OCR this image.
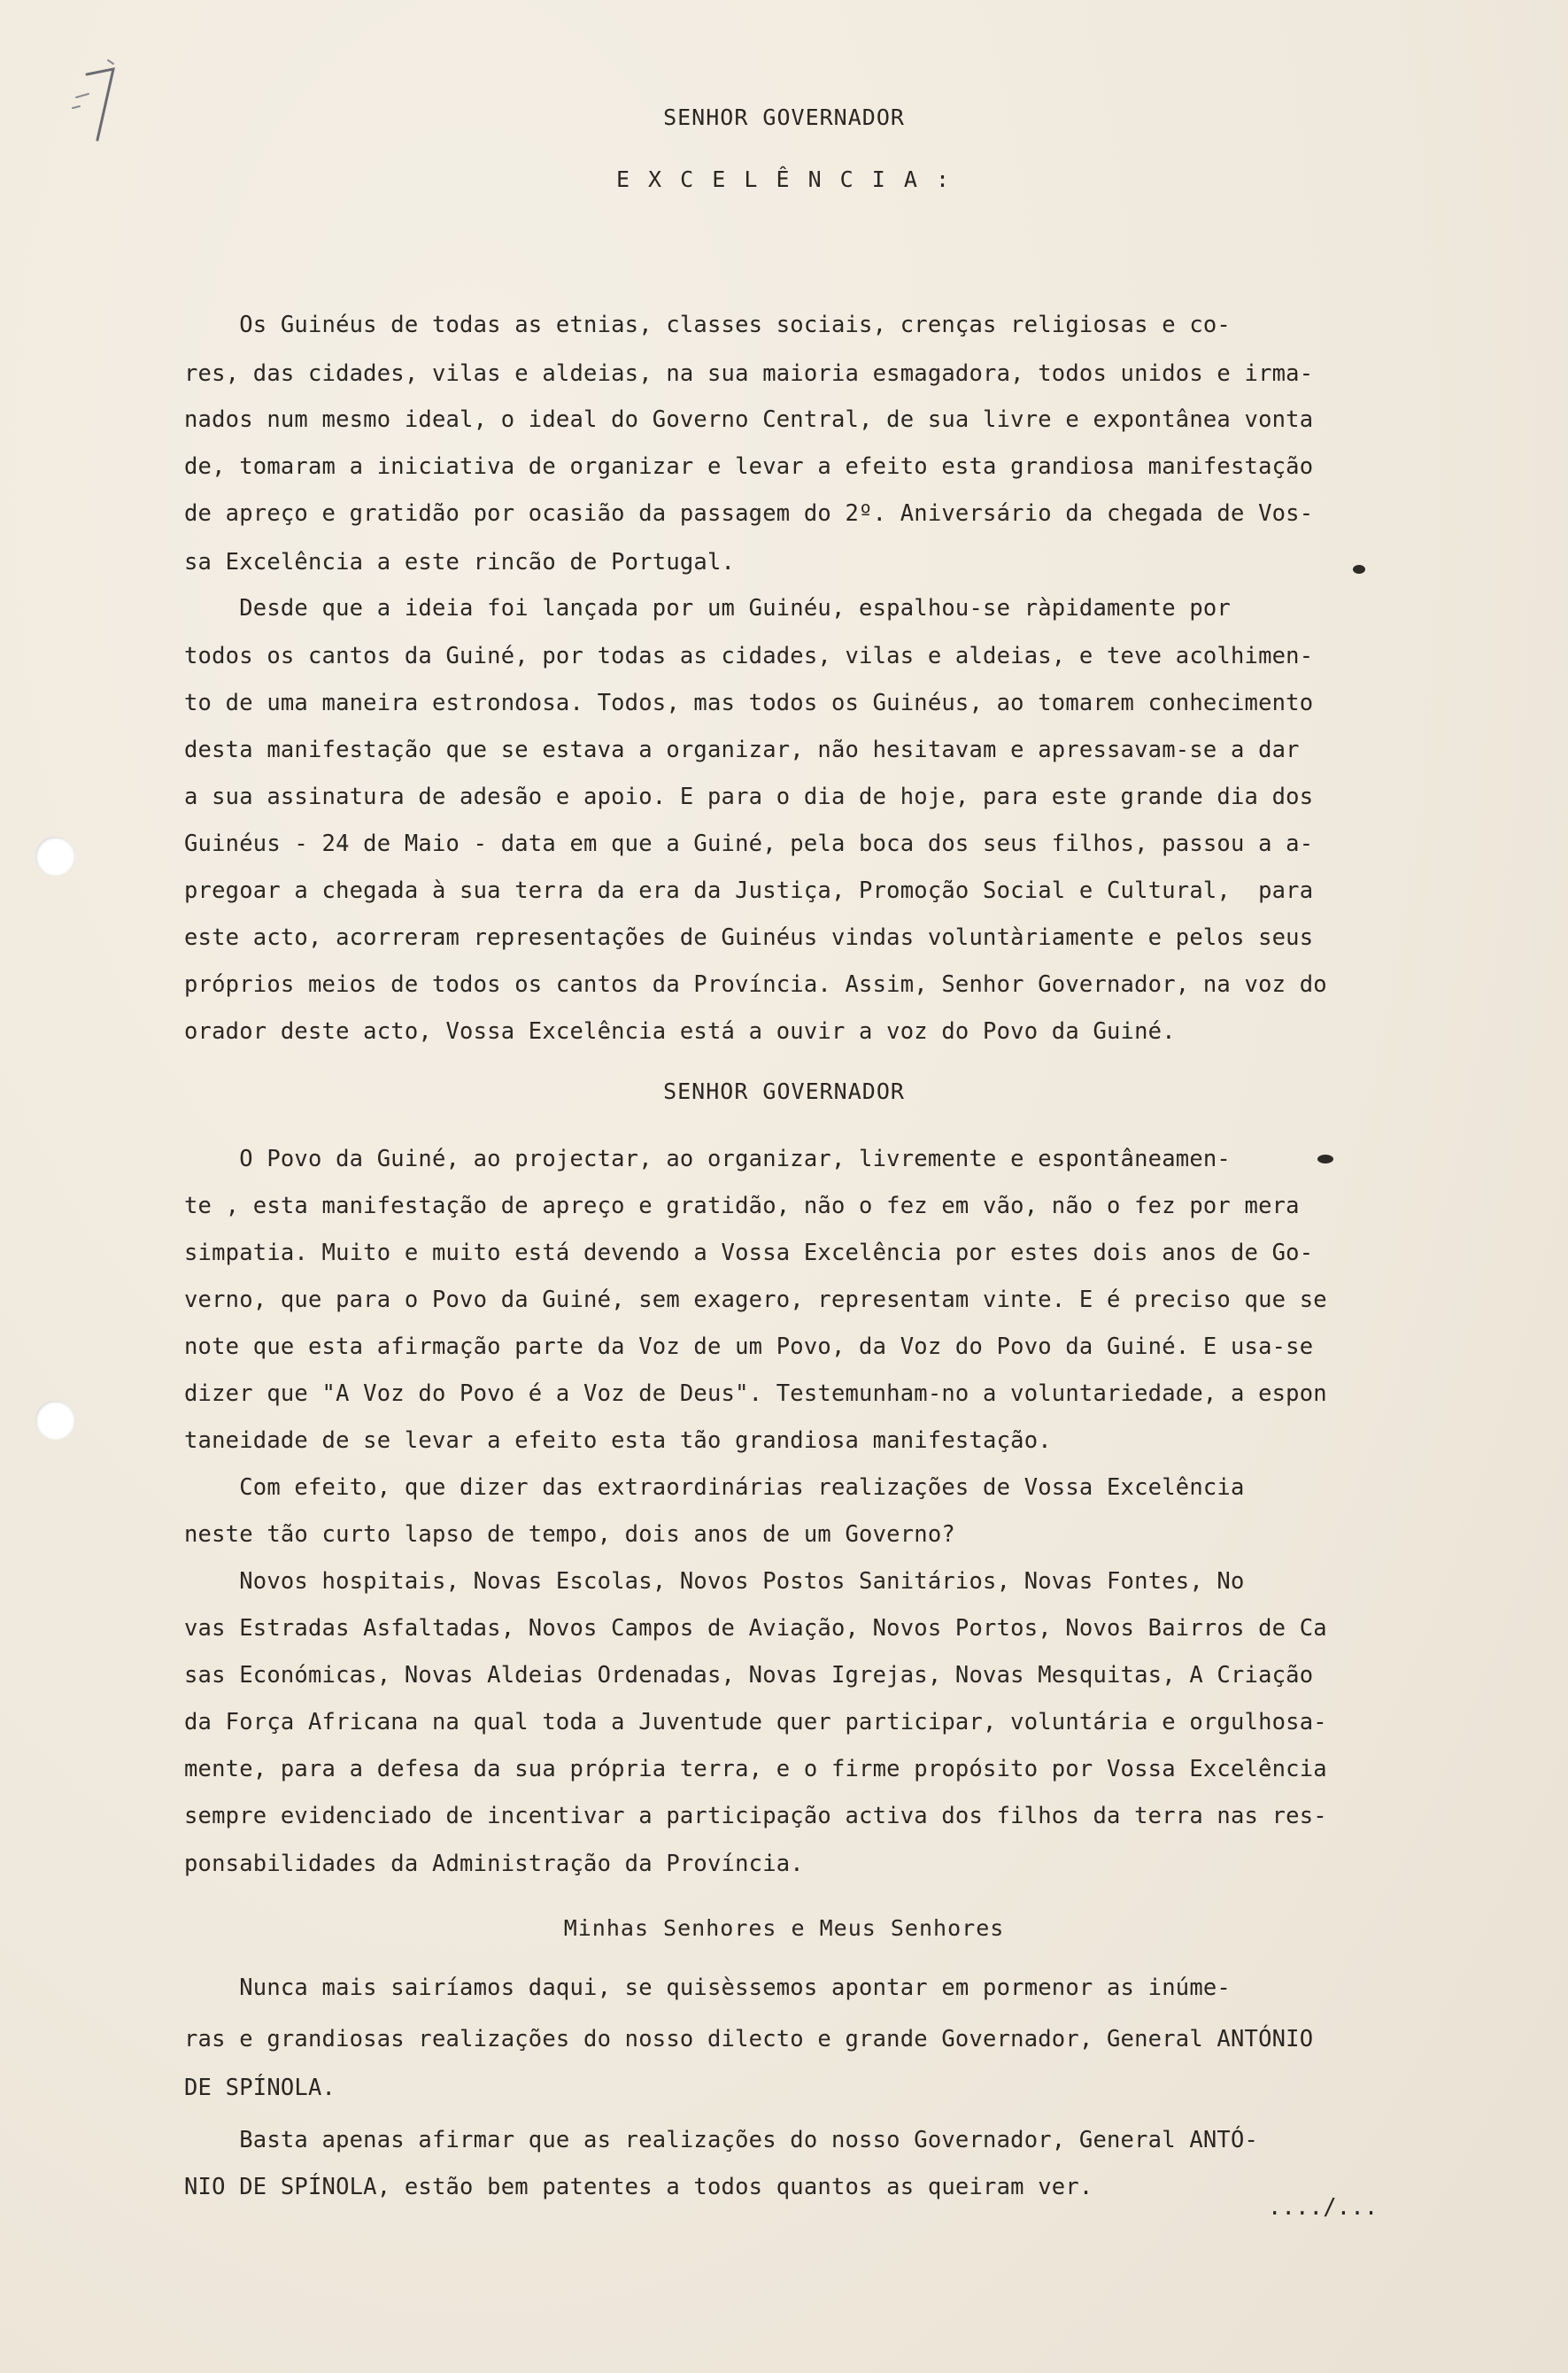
SENHOR GOVERNADOR
E X C E L Ê N C I A :
Os Guinéus de todas as etnias, classes sociais, crenças religiosas e co-
res, das cidades, vilas e aldeias, na sua maioria esmagadora, todos unidos e irma-
nados num mesmo ideal, o ideal do Governo Central, de sua livre e expontânea vonta
de, tomaram a iniciativa de organizar e levar a efeito esta grandiosa manifestação
de apreço e gratidão por ocasião da passagem do 2º. Aniversário da chegada de Vos-
sa Excelência a este rincão de Portugal.
Desde que a ideia foi lançada por um Guinéu, espalhou-se ràpidamente por
todos os cantos da Guiné, por todas as cidades, vilas e aldeias, e teve acolhimen-
to de uma maneira estrondosa. Todos, mas todos os Guinéus, ao tomarem conhecimento
desta manifestação que se estava a organizar, não hesitavam e apressavam-se a dar
a sua assinatura de adesão e apoio. E para o dia de hoje, para este grande dia dos
Guinéus - 24 de Maio - data em que a Guiné, pela boca dos seus filhos, passou a a-
pregoar a chegada à sua terra da era da Justiça, Promoção Social e Cultural,  para
este acto, acorreram representações de Guinéus vindas voluntàriamente e pelos seus
próprios meios de todos os cantos da Província. Assim, Senhor Governador, na voz do
orador deste acto, Vossa Excelência está a ouvir a voz do Povo da Guiné.
SENHOR GOVERNADOR
O Povo da Guiné, ao projectar, ao organizar, livremente e espontâneamen-
te , esta manifestação de apreço e gratidão, não o fez em vão, não o fez por mera
simpatia. Muito e muito está devendo a Vossa Excelência por estes dois anos de Go-
verno, que para o Povo da Guiné, sem exagero, representam vinte. E é preciso que se
note que esta afirmação parte da Voz de um Povo, da Voz do Povo da Guiné. E usa-se
dizer que "A Voz do Povo é a Voz de Deus". Testemunham-no a voluntariedade, a espon
taneidade de se levar a efeito esta tão grandiosa manifestação.
Com efeito, que dizer das extraordinárias realizações de Vossa Excelência
neste tão curto lapso de tempo, dois anos de um Governo?
Novos hospitais, Novas Escolas, Novos Postos Sanitários, Novas Fontes, No
vas Estradas Asfaltadas, Novos Campos de Aviação, Novos Portos, Novos Bairros de Ca
sas Económicas, Novas Aldeias Ordenadas, Novas Igrejas, Novas Mesquitas, A Criação
da Força Africana na qual toda a Juventude quer participar, voluntária e orgulhosa-
mente, para a defesa da sua própria terra, e o firme propósito por Vossa Excelência
sempre evidenciado de incentivar a participação activa dos filhos da terra nas res-
ponsabilidades da Administração da Província.
Minhas Senhores e Meus Senhores
Nunca mais sairíamos daqui, se quisèssemos apontar em pormenor as inúme-
ras e grandiosas realizações do nosso dilecto e grande Governador, General ANTÓNIO
DE SPÍNOLA.
Basta apenas afirmar que as realizações do nosso Governador, General ANTÓ-
NIO DE SPÍNOLA, estão bem patentes a todos quantos as queiram ver.
..../...
